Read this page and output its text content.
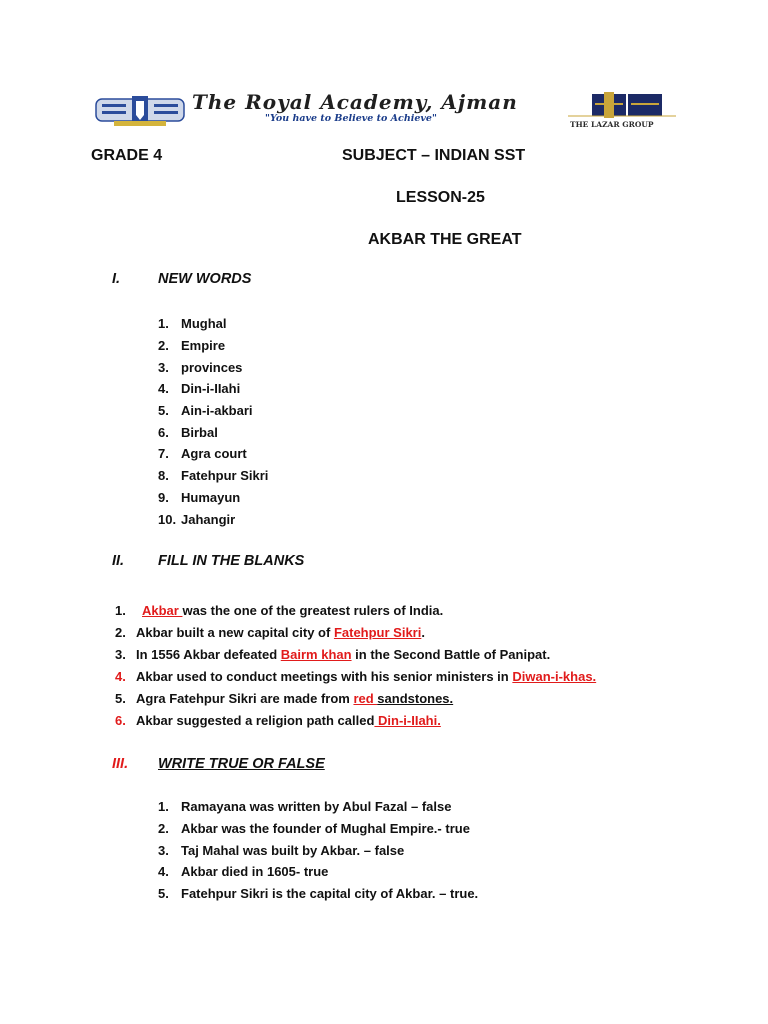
The Royal Academy, Ajman
"You have to Believe to Achieve"
THE LAZAR GROUP
GRADE 4	SUBJECT – INDIAN SST
LESSON-25
AKBAR THE GREAT
I.	NEW WORDS
1. Mughal
2. Empire
3. provinces
4. Din-i-IIahi
5. Ain-i-akbari
6. Birbal
7. Agra court
8. Fatehpur Sikri
9. Humayun
10. Jahangir
II. FILL IN THE BLANKS
1. Akbar was the one of the greatest rulers of India.
2. Akbar built a new capital city of Fatehpur Sikri.
3. In 1556 Akbar defeated Bairm khan in the Second Battle of Panipat.
4. Akbar used to conduct meetings with his senior ministers in Diwan-i-khas.
5. Agra Fatehpur Sikri are made from red sandstones.
6. Akbar suggested a religion path called Din-i-IIahi.
III. WRITE TRUE OR FALSE
1. Ramayana was written by Abul Fazal – false
2. Akbar was the founder of Mughal Empire.- true
3. Taj Mahal was built by Akbar. – false
4. Akbar died in 1605- true
5. Fatehpur Sikri is the capital city of Akbar. – true.
